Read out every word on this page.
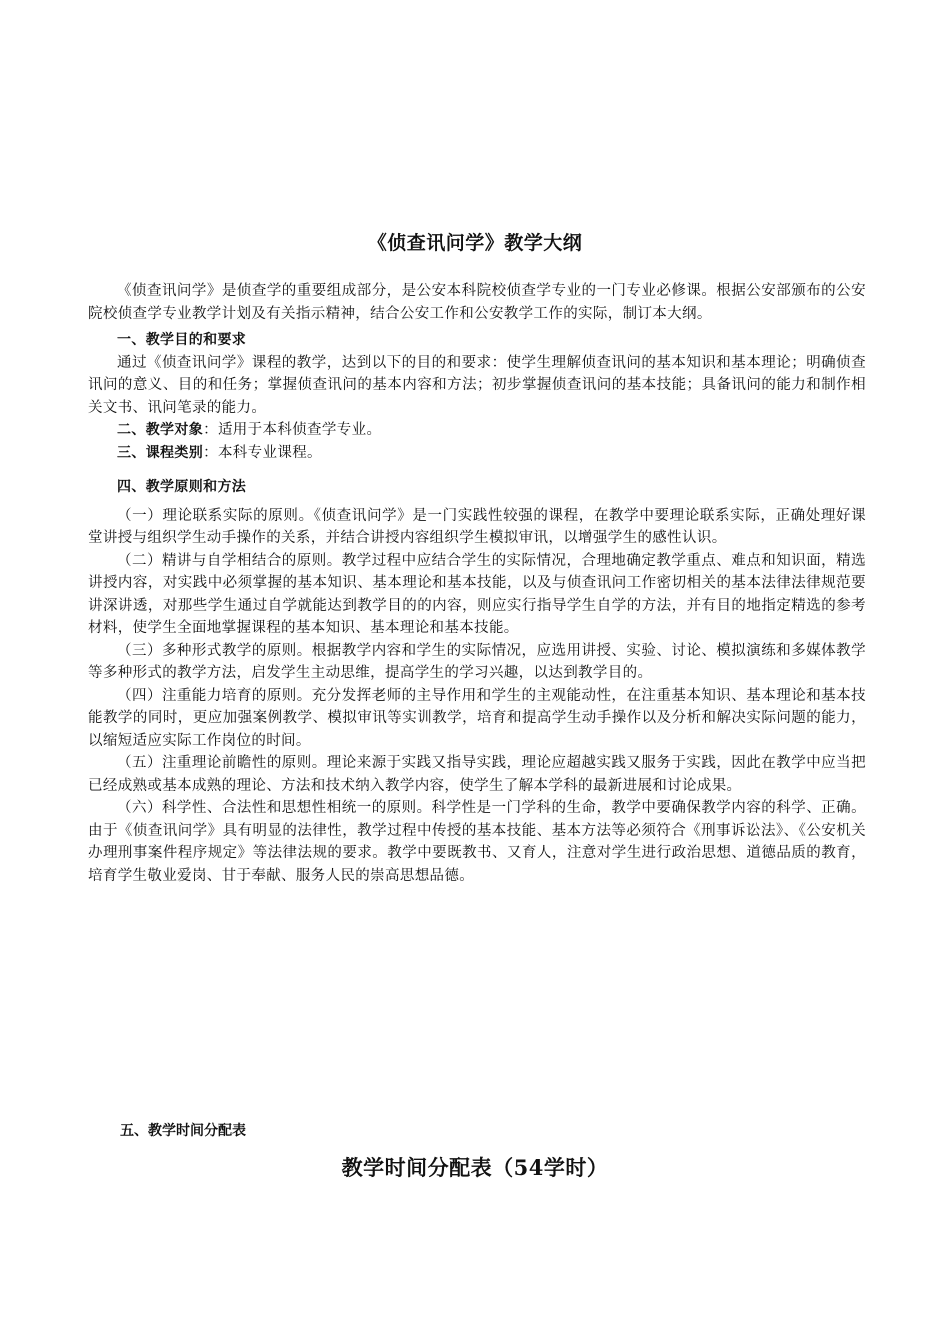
《侦查讯问学》教学大纲

《侦查讯问学》是侦查学的重要组成部分，是公安本科院校侦查学专业的一门专业必修课。根据公安部颁布的公安院校侦查学专业教学计划及有关指示精神，结合公安工作和公安教学工作的实际，制订本大纲。

一、教学目的和要求

通过《侦查讯问学》课程的教学，达到以下的目的和要求：使学生理解侦查讯问的基本知识和基本理论；明确侦查讯问的意义、目的和任务；掌握侦查讯问的基本内容和方法；初步掌握侦查讯问的基本技能；具备讯问的能力和制作相关文书、讯问笔录的能力。

二、教学对象：适用于本科侦查学专业。

三、课程类别：本科专业课程。

四、教学原则和方法

（一）理论联系实际的原则。《侦查讯问学》是一门实践性较强的课程，在教学中要理论联系实际，正确处理好课堂讲授与组织学生动手操作的关系，并结合讲授内容组织学生模拟审讯，以增强学生的感性认识。

（二）精讲与自学相结合的原则。教学过程中应结合学生的实际情况，合理地确定教学重点、难点和知识面，精选讲授内容，对实践中必须掌握的基本知识、基本理论和基本技能，以及与侦查讯问工作密切相关的基本法律法律规范要讲深讲透，对那些学生通过自学就能达到教学目的的内容，则应实行指导学生自学的方法，并有目的地指定精选的参考材料，使学生全面地掌握课程的基本知识、基本理论和基本技能。

（三）多种形式教学的原则。根据教学内容和学生的实际情况，应选用讲授、实验、讨论、模拟演练和多媒体教学等多种形式的教学方法，启发学生主动思维，提高学生的学习兴趣，以达到教学目的。

（四）注重能力培育的原则。充分发挥老师的主导作用和学生的主观能动性，在注重基本知识、基本理论和基本技能教学的同时，更应加强案例教学、模拟审讯等实训教学，培育和提高学生动手操作以及分析和解决实际问题的能力，以缩短适应实际工作岗位的时间。

（五）注重理论前瞻性的原则。理论来源于实践又指导实践，理论应超越实践又服务于实践，因此在教学中应当把已经成熟或基本成熟的理论、方法和技术纳入教学内容，使学生了解本学科的最新进展和讨论成果。

（六）科学性、合法性和思想性相统一的原则。科学性是一门学科的生命，教学中要确保教学内容的科学、正确。由于《侦查讯问学》具有明显的法律性，教学过程中传授的基本技能、基本方法等必须符合《刑事诉讼法》、《公安机关办理刑事案件程序规定》等法律法规的要求。教学中要既教书、又育人，注意对学生进行政治思想、道德品质的教育，培育学生敬业爱岗、甘于奉献、服务人民的崇高思想品德。

五、教学时间分配表
教学时间分配表（54学时）
